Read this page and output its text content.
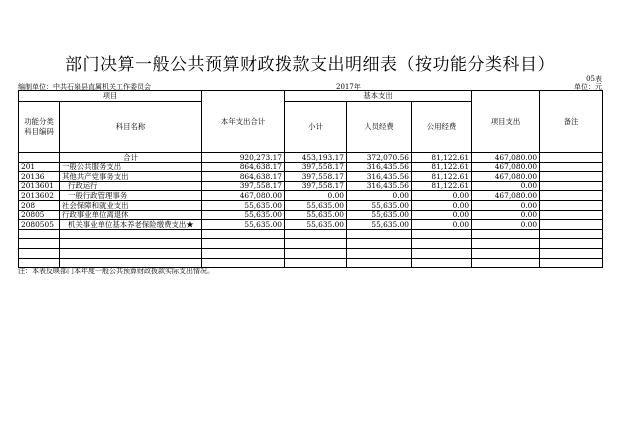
部门决算一般公共预算财政拨款支出明细表（按功能分类科目）
05表
编制单位：中共石泉县直属机关工作委员会	2017年	单位：元
项目		本年支出合计	基本支出			项目支出	备注
功能分类科目编码	科目名称		小计	人员经费	公用经费		
	合计	920,273.17	453,193.17	372,070.56	81,122.61	467,080.00	
201	一般公共服务支出	864,638.17	397,558.17	316,435.56	81,122.61	467,080.00	
20136	其他共产党事务支出	864,638.17	397,558.17	316,435.56	81,122.61	467,080.00	
2013601	行政运行	397,558.17	397,558.17	316,435.56	81,122.61	0.00	
2013602	一般行政管理事务	467,080.00	0.00	0.00	0.00	467,080.00	
208	社会保障和就业支出	55,635.00	55,635.00	55,635.00	0.00	0.00	
20805	行政事业单位离退休	55,635.00	55,635.00	55,635.00	0.00	0.00	
2080505	机关事业单位基本养老保险缴费支出★	55,635.00	55,635.00	55,635.00	0.00	0.00	

注：本表反映部门本年度一般公共预算财政拨款实际支出情况。
